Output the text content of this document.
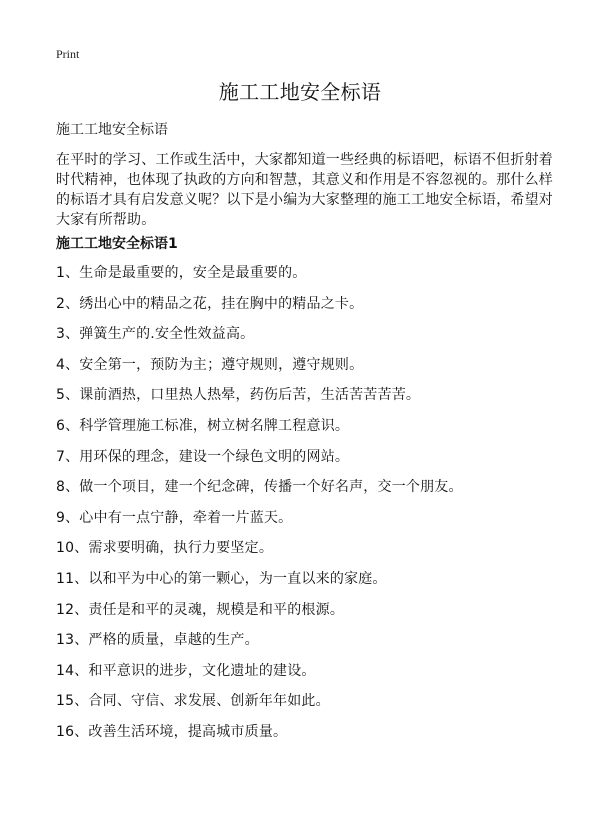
Print
施工工地安全标语
施工工地安全标语
在平时的学习、工作或生活中，大家都知道一些经典的标语吧，标语不但折射着时代精神，也体现了执政的方向和智慧，其意义和作用是不容忽视的。那什么样的标语才具有启发意义呢？以下是小编为大家整理的施工工地安全标语，希望对大家有所帮助。
施工工地安全标语1
1、生命是最重要的，安全是最重要的。
2、绣出心中的精品之花，挂在胸中的精品之卡。
3、弹簧生产的.安全性效益高。
4、安全第一，预防为主；遵守规则，遵守规则。
5、课前酒热，口里热人热晕，药伤后苦，生活苦苦苦苦。
6、科学管理施工标准，树立树名牌工程意识。
7、用环保的理念，建设一个绿色文明的网站。
8、做一个项目，建一个纪念碑，传播一个好名声，交一个朋友。
9、心中有一点宁静，牵着一片蓝天。
10、需求要明确，执行力要坚定。
11、以和平为中心的第一颗心，为一直以来的家庭。
12、责任是和平的灵魂，规模是和平的根源。
13、严格的质量，卓越的生产。
14、和平意识的进步，文化遗址的建设。
15、合同、守信、求发展、创新年年如此。
16、改善生活环境，提高城市质量。
